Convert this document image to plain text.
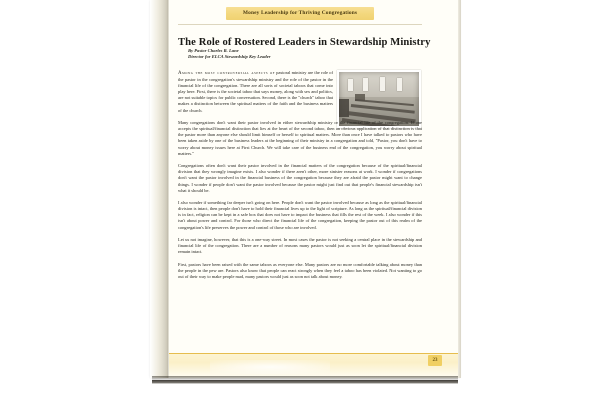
Money Leadership for Thriving Congregations
The Role of Rostered Leaders in Stewardship Ministry
By Pastor Charles R. Lane
Director for ELCA Stewardship Key Leader

Among the most controversial aspects of pastoral ministry are the role of the pastor in the congregation's stewardship ministry and the role of the pastor in the financial life of the congregation. There are all sorts of societal taboos that come into play here. First, there is the societal taboo that says money, along with sex and politics, are not suitable topics for public conversation. Second, there is the "church" taboo that makes a distinction between the spiritual matters of the faith and the business matters of the church.

Many congregations don't want their pastor involved in either stewardship ministry or the financial life of the congregation. If one accepts the spiritual/financial distinction that lies at the heart of the second taboo, then an obvious application of that distinction is that the pastor more than anyone else should limit himself or herself to spiritual matters. More than once I have talked to pastors who have been taken aside by one of the business leaders at the beginning of their ministry in a congregation and told, "Pastor, you don't have to worry about money issues here at First Church. We will take care of the business end of the congregation, you worry about spiritual matters."

Congregations often don't want their pastor involved in the financial matters of the congregation because of the spiritual/financial division that they wrongly imagine exists. I also wonder if there aren't other, more sinister reasons at work. I wonder if congregations don't want the pastor involved in the financial business of the congregation because they are afraid the pastor might want to change things. I wonder if people don't want the pastor involved because the pastor might just find out that people's financial stewardship isn't what it should be.

I also wonder if something far deeper isn't going on here. People don't want the pastor involved because as long as the spiritual/financial division is intact, then people don't have to hold their financial lives up to the light of scripture. As long as the spiritual/financial division is in fact, religion can be kept in a safe box that does not have to impact the business that fills the rest of the week. I also wonder if this isn't about power and control. For those who direct the financial life of the congregation, keeping the pastor out of this realm of the congregation's life preserves the power and control of those who are involved.

Let us not imagine, however, that this is a one-way street. In most cases the pastor is not seeking a central place in the stewardship and financial life of the congregation. There are a number of reasons many pastors would just as soon let the spiritual/financial division remain intact.

First, pastors have been raised with the same taboos as everyone else. Many pastors are no more comfortable talking about money than the people in the pew are. Pastors also know that people can react strongly when they feel a taboo has been violated. Not wanting to go out of their way to make people mad, many pastors would just as soon not talk about money.

23
